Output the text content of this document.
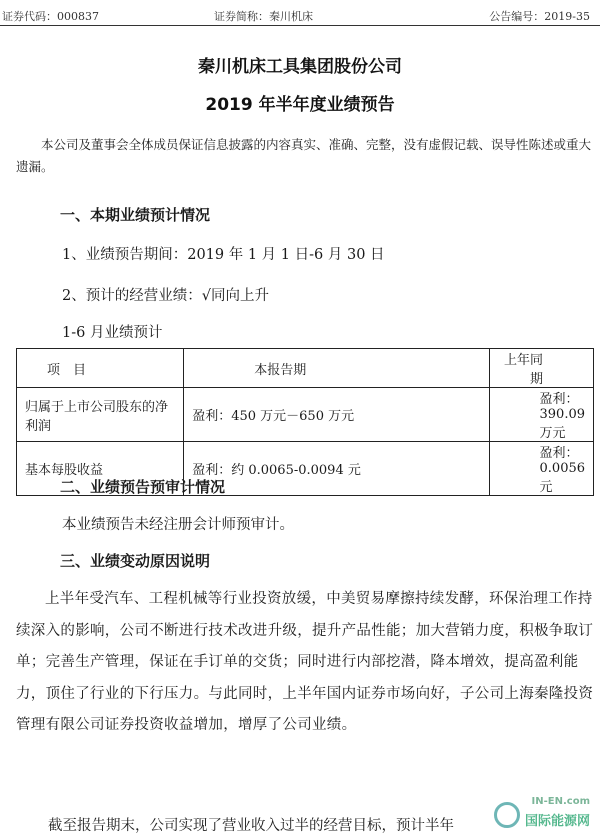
证券代码：000837	证券简称：秦川机床	公告编号：2019-35
秦川机床工具集团股份公司
2019 年半年度业绩预告
本公司及董事会全体成员保证信息披露的内容真实、准确、完整，没有虚假记载、误导性陈述或重大遗漏。
一、本期业绩预计情况
1、业绩预告期间：2019 年 1 月 1 日-6 月 30 日
2、预计的经营业绩：√同向上升
1-6 月业绩预计
项　目	本报告期	上年同期
归属于上市公司股东的净利润	盈利：450 万元－650 万元	盈利：390.09 万元
基本每股收益	盈利：约 0.0065-0.0094 元	盈利：0.0056 元
二、业绩预告预审计情况
本业绩预告未经注册会计师预审计。
三、业绩变动原因说明
上半年受汽车、工程机械等行业投资放缓，中美贸易摩擦持续发酵，环保治理工作持续深入的影响，公司不断进行技术改进升级，提升产品性能；加大营销力度，积极争取订单；完善生产管理，保证在手订单的交货；同时进行内部挖潜，降本增效，提高盈利能力，顶住了行业的下行压力。与此同时，上半年国内证券市场向好，子公司上海秦隆投资管理有限公司证券投资收益增加，增厚了公司业绩。
截至报告期末，公司实现了营业收入过半的经营目标，预计半年
IN-EN.com
国际能源网
